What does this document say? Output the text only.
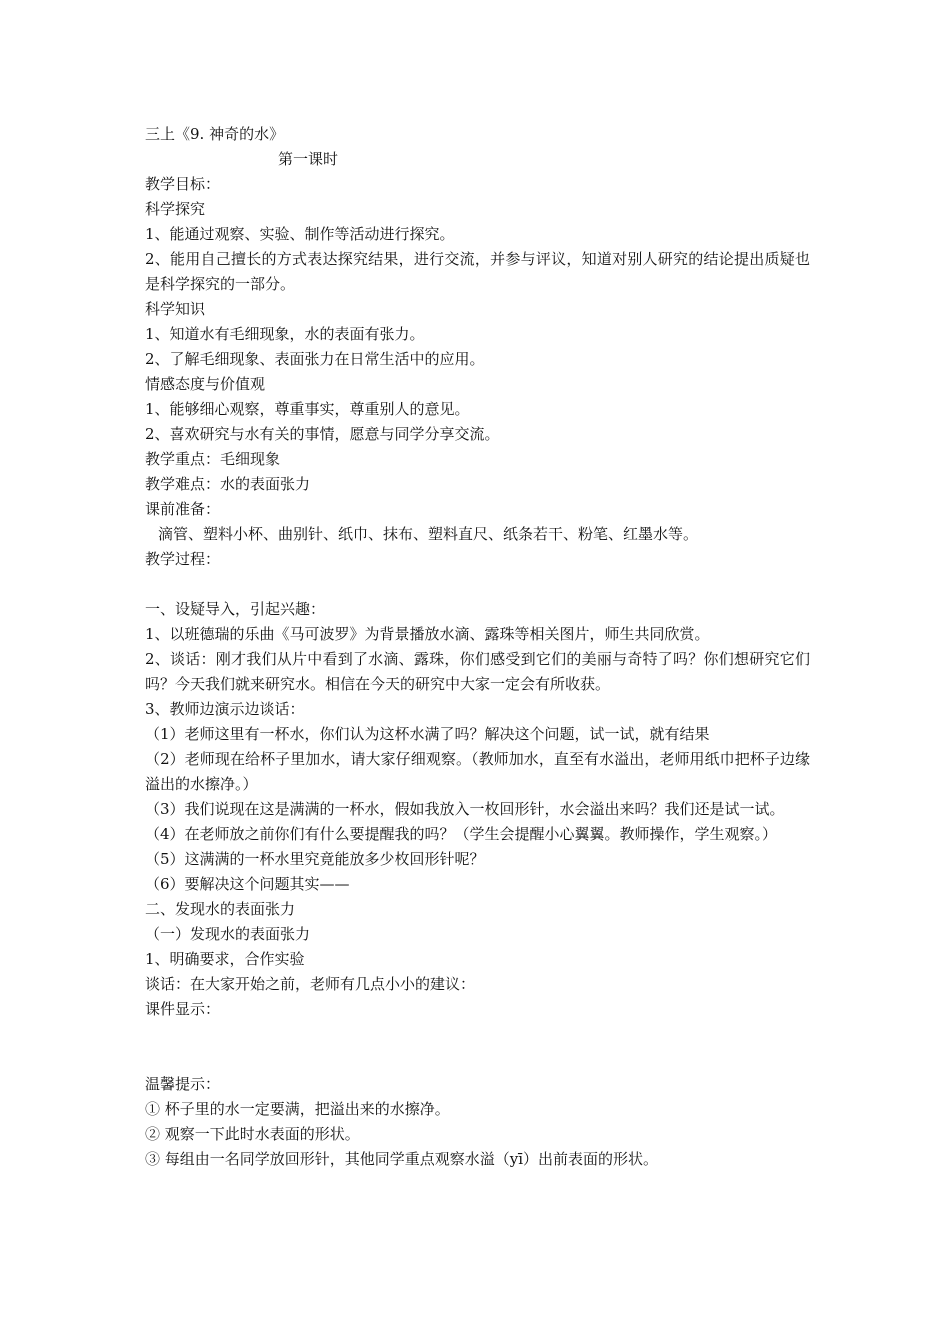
三上《9. 神奇的水》

第一课时

教学目标：

科学探究

1、能通过观察、实验、制作等活动进行探究。

2、能用自己擅长的方式表达探究结果，进行交流，并参与评议，知道对别人研究的结论提出质疑也是科学探究的一部分。

科学知识

1、知道水有毛细现象，水的表面有张力。

2、了解毛细现象、表面张力在日常生活中的应用。

情感态度与价值观

1、能够细心观察，尊重事实，尊重别人的意见。

2、喜欢研究与水有关的事情，愿意与同学分享交流。

教学重点：毛细现象

教学难点：水的表面张力

课前准备：

滴管、塑料小杯、曲别针、纸巾、抹布、塑料直尺、纸条若干、粉笔、红墨水等。

教学过程：

一、设疑导入，引起兴趣：

1、以班德瑞的乐曲《马可波罗》为背景播放水滴、露珠等相关图片，师生共同欣赏。

2、谈话：刚才我们从片中看到了水滴、露珠，你们感受到它们的美丽与奇特了吗？你们想研究它们吗？今天我们就来研究水。相信在今天的研究中大家一定会有所收获。

3、教师边演示边谈话：

（1）老师这里有一杯水，你们认为这杯水满了吗？解决这个问题，试一试，就有结果

（2）老师现在给杯子里加水，请大家仔细观察。（教师加水，直至有水溢出，老师用纸巾把杯子边缘溢出的水擦净。）

（3）我们说现在这是满满的一杯水，假如我放入一枚回形针，水会溢出来吗？我们还是试一试。

（4）在老师放之前你们有什么要提醒我的吗？（学生会提醒小心翼翼。教师操作，学生观察。）

（5）这满满的一杯水里究竟能放多少枚回形针呢？

（6）要解决这个问题其实——

二、发现水的表面张力

（一）发现水的表面张力

1、明确要求，合作实验

谈话：在大家开始之前，老师有几点小小的建议：

课件显示：

温馨提示：

① 杯子里的水一定要满，把溢出来的水擦净。

② 观察一下此时水表面的形状。

③ 每组由一名同学放回形针，其他同学重点观察水溢（yī）出前表面的形状。
